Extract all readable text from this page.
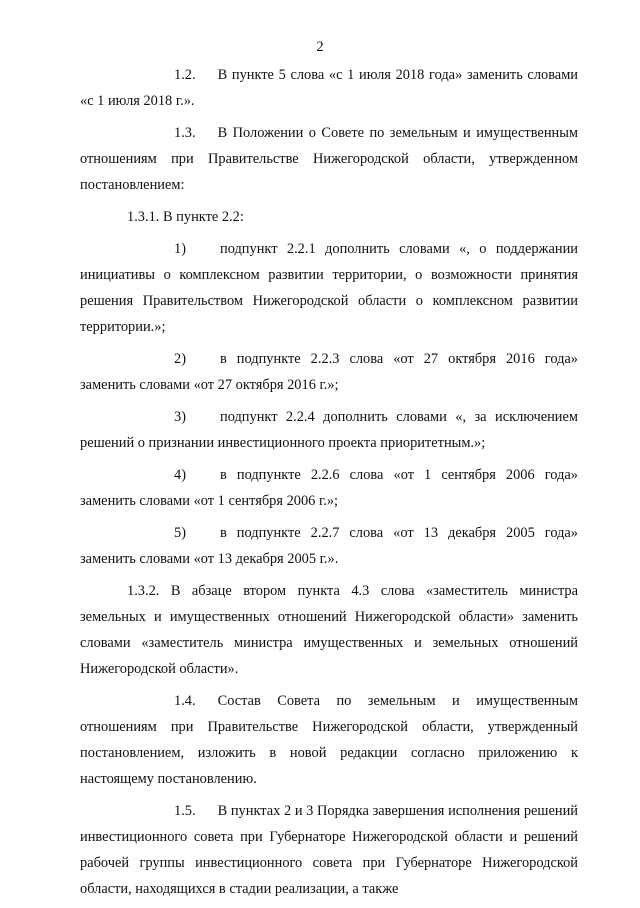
2

1.2. В пункте 5 слова «с 1 июля 2018 года» заменить словами «с 1 июля 2018 г.».

1.3. В Положении о Совете по земельным и имущественным отношениям при Правительстве Нижегородской области, утвержденном постановлением:

1.3.1. В пункте 2.2:

1) подпункт 2.2.1 дополнить словами «, о поддержании инициативы о комплексном развитии территории, о возможности принятия решения Правительством Нижегородской области о комплексном развитии территории.»;

2) в подпункте 2.2.3 слова «от 27 октября 2016 года» заменить словами «от 27 октября 2016 г.»;

3) подпункт 2.2.4 дополнить словами «, за исключением решений о признании инвестиционного проекта приоритетным.»;

4) в подпункте 2.2.6 слова «от 1 сентября 2006 года» заменить словами «от 1 сентября 2006 г.»;

5) в подпункте 2.2.7 слова «от 13 декабря 2005 года» заменить словами «от 13 декабря 2005 г.».

1.3.2. В абзаце втором пункта 4.3 слова «заместитель министра земельных и имущественных отношений Нижегородской области» заменить словами «заместитель министра имущественных и земельных отношений Нижегородской области».

1.4. Состав Совета по земельным и имущественным отношениям при Правительстве Нижегородской области, утвержденный постановлением, изложить в новой редакции согласно приложению к настоящему постановлению.

1.5. В пунктах 2 и 3 Порядка завершения исполнения решений инвестиционного совета при Губернаторе Нижегородской области и решений рабочей группы инвестиционного совета при Губернаторе Нижегородской области, находящихся в стадии реализации, а также
